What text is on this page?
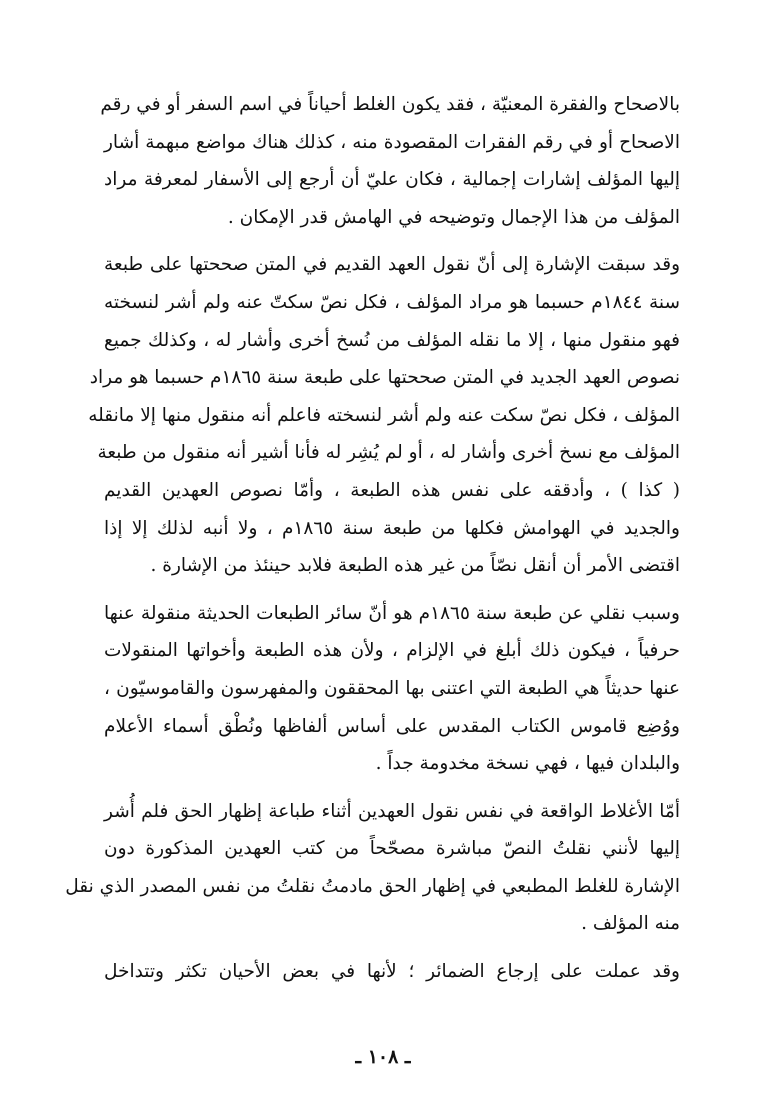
بالاصحاح والفقرة المعنيّة ، فقد يكون الغلط أحياناً في اسم السفر أو في رقم
الاصحاح أو في رقم الفقرات المقصودة منه ، كذلك هناك مواضع مبهمة أشار
إليها المؤلف إشارات إجمالية ، فكان عليّ أن أرجع إلى الأسفار لمعرفة مراد
المؤلف من هذا الإجمال وتوضيحه في الهامش قدر الإمكان .
وقد سبقت الإشارة إلى أنّ نقول العهد القديم في المتن صححتها على طبعة
سنة ١٨٤٤م حسبما هو مراد المؤلف ، فكل نصّ سكتّ عنه ولم أشر لنسخته
فهو منقول منها ، إلا ما نقله المؤلف من نُسخ أخرى وأشار له ، وكذلك جميع
نصوص العهد الجديد في المتن صححتها على طبعة سنة ١٨٦٥م حسبما هو مراد
المؤلف ، فكل نصّ سكت عنه ولم أشر لنسخته فاعلم أنه منقول منها إلا مانقله
المؤلف مع نسخ أخرى وأشار له ، أو لم يُشِر له فأنا أشير أنه منقول من طبعة
( كذا ) ، وأدققه على نفس هذه الطبعة ، وأمّا نصوص العهدين القديم
والجديد في الهوامش فكلها من طبعة سنة ١٨٦٥م ، ولا أنبه لذلك إلا إذا
اقتضى الأمر أن أنقل نصّاً من غير هذه الطبعة فلابد حينئذ من الإشارة .
وسبب نقلي عن طبعة سنة ١٨٦٥م هو أنّ سائر الطبعات الحديثة منقولة عنها
حرفياً ، فيكون ذلك أبلغ في الإلزام ، ولأن هذه الطبعة وأخواتها المنقولات
عنها حديثاً هي الطبعة التي اعتنى بها المحققون والمفهرسون والقاموسيّون ،
ووُضِع قاموس الكتاب المقدس على أساس ألفاظها ونُطْق أسماء الأعلام
والبلدان فيها ، فهي نسخة مخدومة جداً .
أمّا الأغلاط الواقعة في نفس نقول العهدين أثناء طباعة إظهار الحق فلم أُشر
إليها لأنني نقلتُ النصّ مباشرة مصحّحاً من كتب العهدين المذكورة دون
الإشارة للغلط المطبعي في إظهار الحق مادمتُ نقلتُ من نفس المصدر الذي نقل
منه المؤلف .
وقد عملت على إرجاع الضمائر ؛ لأنها في بعض الأحيان تكثر وتتداخل
ـ ١٠٨ ـ
